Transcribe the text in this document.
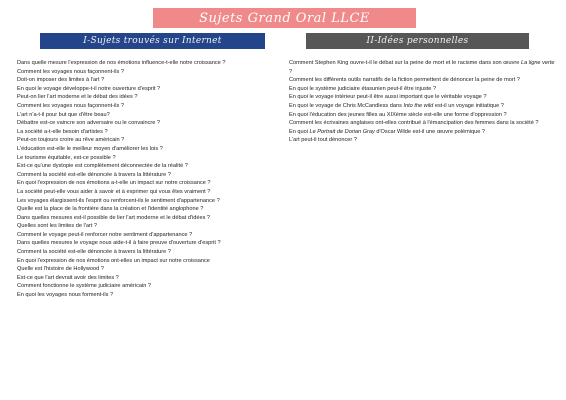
Sujets Grand Oral LLCE
I-Sujets trouvés sur Internet	II-Idées personnelles
Dans quelle mesure l'expression de nos émotions influence-t-elle notre croissance ?
Comment les voyages nous façonnent-ils ?
Doit-on imposer des limites à l'art ?
En quoi le voyage développe-t-il notre ouverture d'esprit ?
Peut-on lier l'art moderne et le débat des idées ?
Comment les voyages nous façonnent-ils ?
L'art n'a-t-il pour but que d'être beau?
Débattre est-ce vaincre son adversaire ou le convaincre ?
La société a-t-elle besoin d'artistes ?
Peut-on toujours croire au rêve américain ?
L'éducation est-elle le meilleur moyen d'améliorer les lois ?
Le tourisme équitable, est-ce possible ?
Est-ce qu'une dystopie est complètement déconnectée de la réalité ?
Comment la société est-elle dénoncée à travers la littérature ?
En quoi l'expression de nos émotions a-t-elle un impact sur notre croissance ?
La société peut-elle vous aider à savoir et à exprimer qui vous êtes vraiment ?
Les voyages élargissent-ils l'esprit ou renforcent-ils le sentiment d'appartenance ?
Quelle est la place de la frontière dans la création et l'identité anglophone ?
Dans quelles mesures est-il possible de lier l'art moderne et le débat d'idées ?
Quelles sont les limites de l'art ?
Comment le voyage peut-il renforcer notre sentiment d'appartenance ?
Dans quelles mesures le voyage nous aide-t-il à faire preuve d'ouverture d'esprit ?
Comment la société est-elle dénoncée à travers la littérature ?
En quoi l'expression de nos émotions ont-elles un impact sur notre croissance
Quelle est l'histoire de Hollywood ?
Est-ce que l'art devrait avoir des limites ?
Comment fonctionne le système judiciaire américain ?
En quoi les voyages nous forment-ils ?
Comment Stephen King ouvre-t-il le débat sur la peine de mort et le racisme dans son œuvre La ligne verte ?
Comment les différents outils narratifs de la fiction permettent de dénoncer la peine de mort ?
En quoi le système judiciaire étasunien peut-il être injuste ?
En quoi le voyage intérieur peut-il être aussi important que le véritable voyage ?
En quoi le voyage de Chris McCandless dans Into the wild est-il un voyage initiatique ?
En quoi l'éducation des jeunes filles au XIXème siècle est-elle une forme d'oppression ?
Comment les écrivaines anglaises ont-elles contribué à l'émancipation des femmes dans la société ?
En quoi Le Portrait de Dorian Gray d'Oscar Wilde est-il une œuvre polémique ?
L'art peut-il tout dénoncer ?
